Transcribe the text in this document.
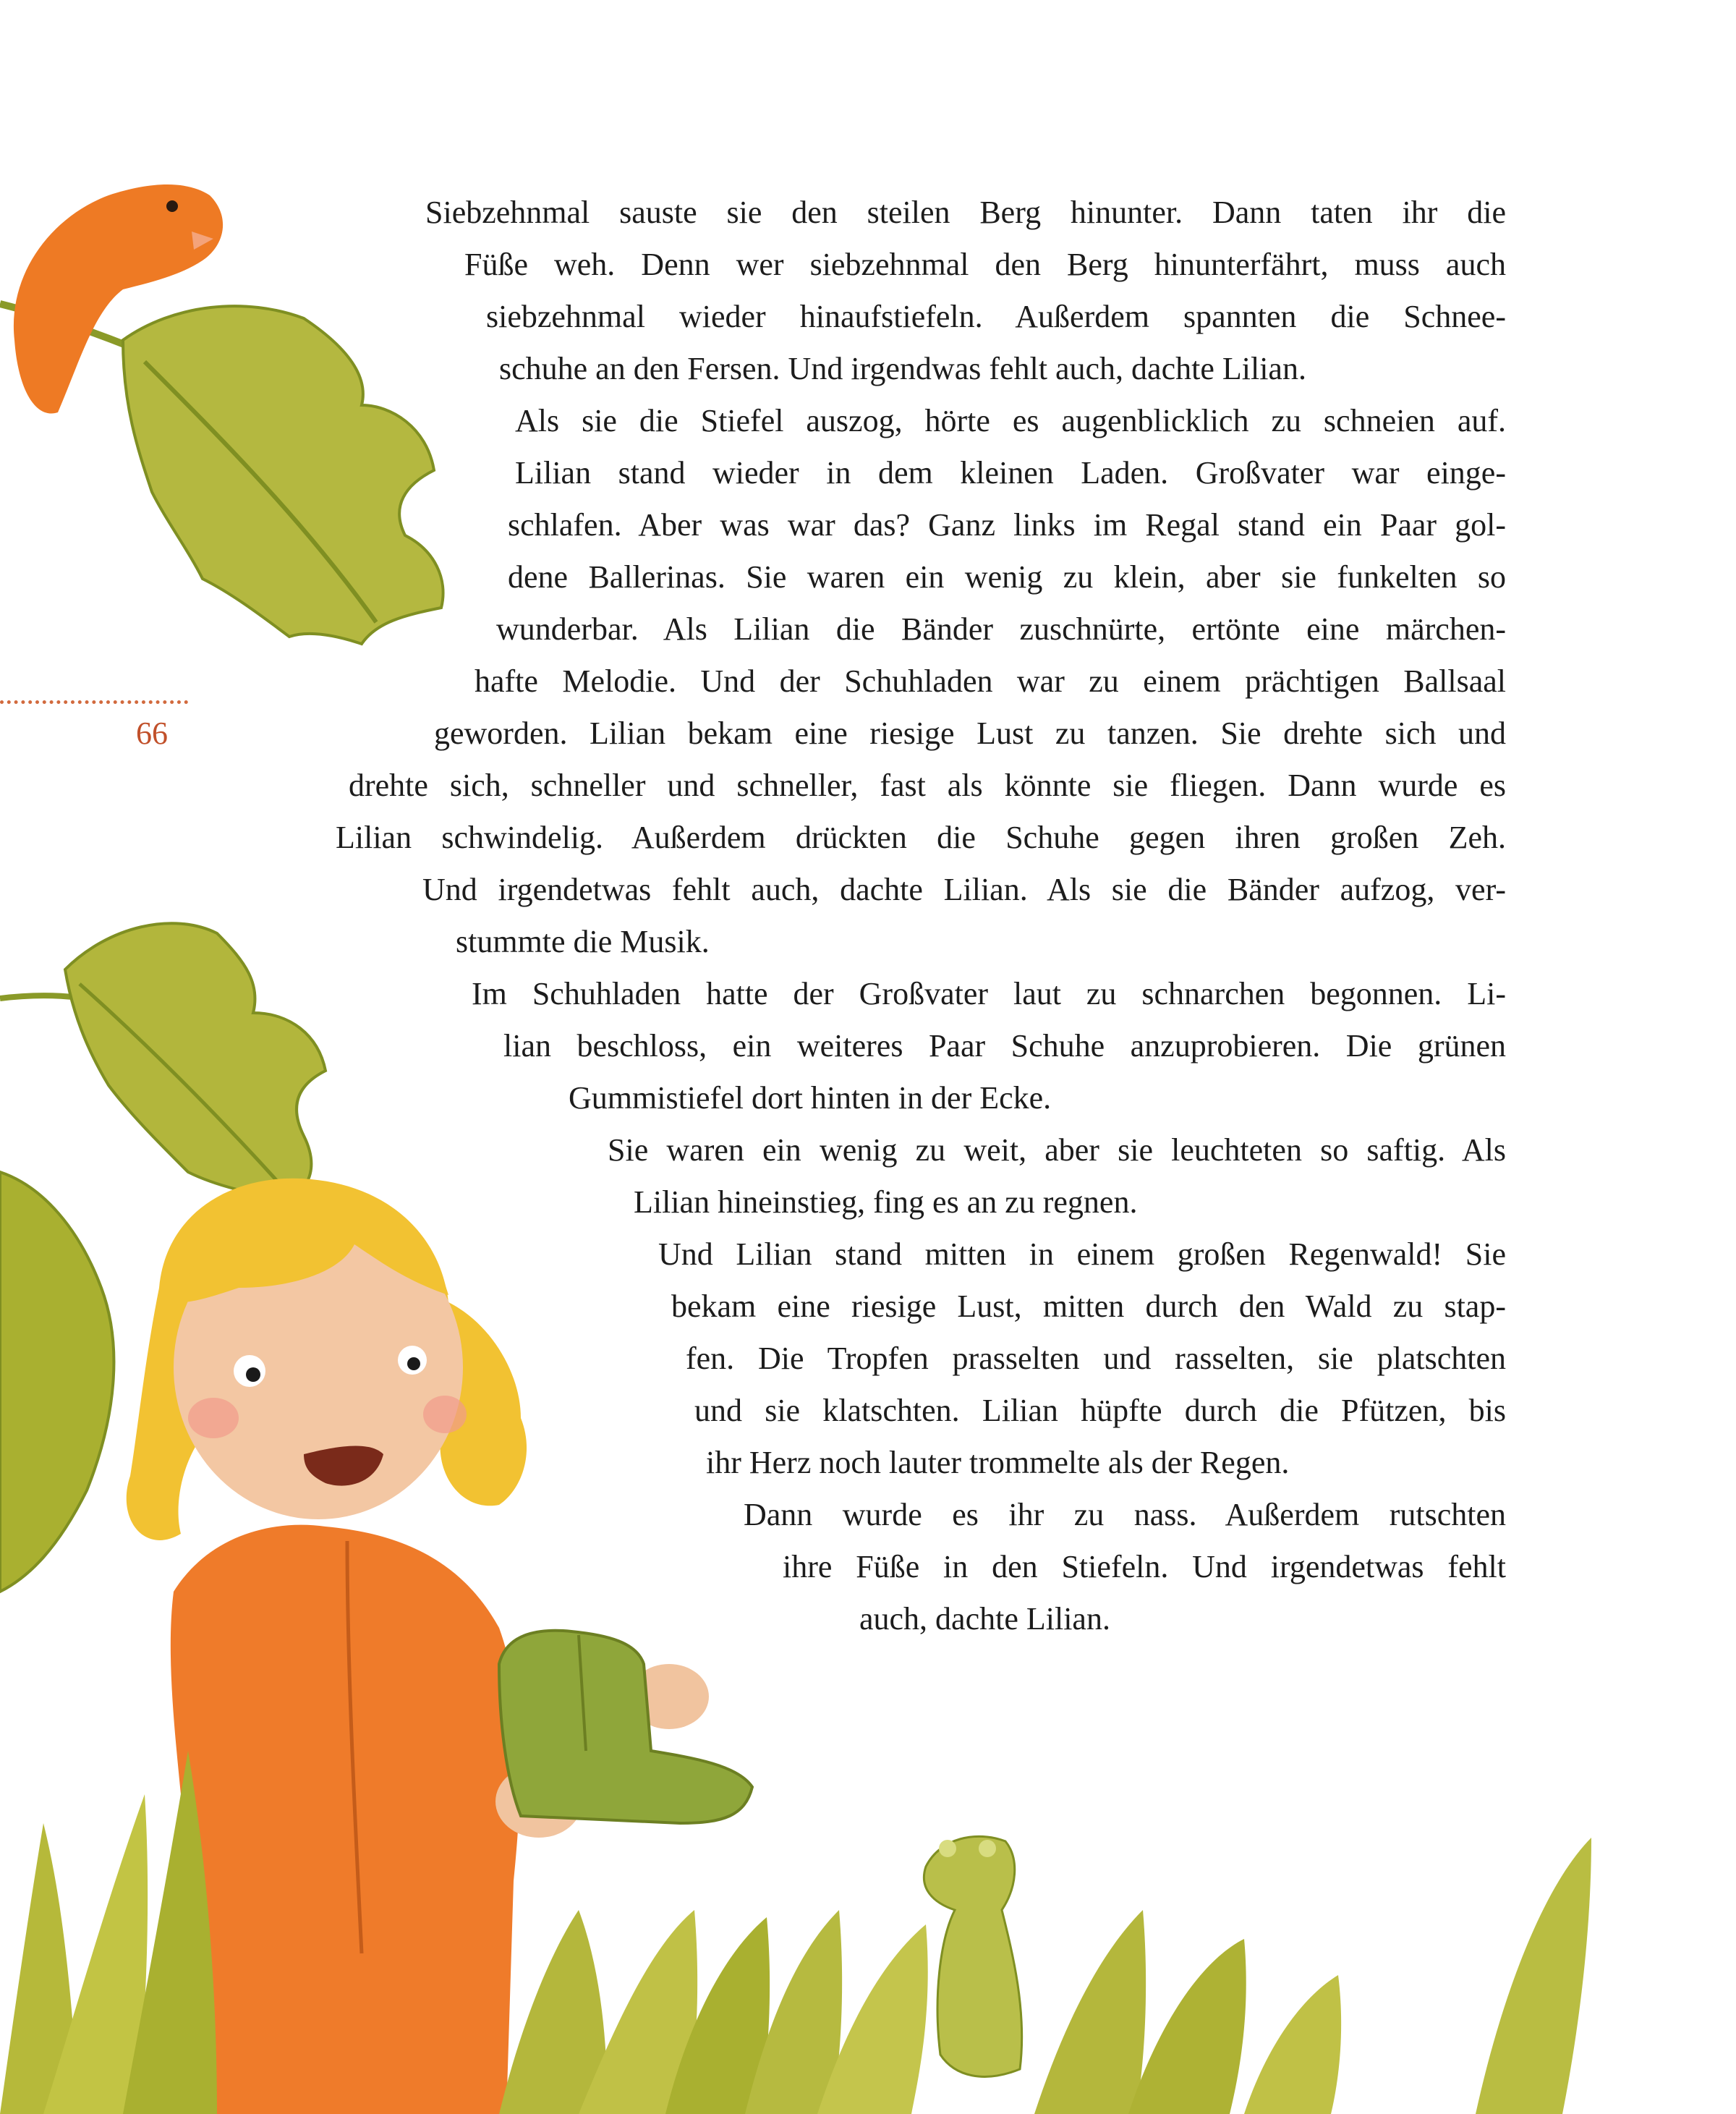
66
Siebzehnmal sauste sie den steilen Berg hinunter. Dann taten ihr die
Füße weh. Denn wer siebzehnmal den Berg hinunterfährt, muss auch
siebzehnmal wieder hinaufstiefeln. Außerdem spannten die Schnee-
schuhe an den Fersen. Und irgendwas fehlt auch, dachte Lilian.
Als sie die Stiefel auszog, hörte es augenblicklich zu schneien auf.
Lilian stand wieder in dem kleinen Laden. Großvater war einge-
schlafen. Aber was war das? Ganz links im Regal stand ein Paar gol-
dene Ballerinas. Sie waren ein wenig zu klein, aber sie funkelten so
wunderbar. Als Lilian die Bänder zuschnürte, ertönte eine märchen-
hafte Melodie. Und der Schuhladen war zu einem prächtigen Ballsaal
geworden. Lilian bekam eine riesige Lust zu tanzen. Sie drehte sich und
drehte sich, schneller und schneller, fast als könnte sie fliegen. Dann wurde es
Lilian schwindelig. Außerdem drückten die Schuhe gegen ihren großen Zeh.
Und irgendetwas fehlt auch, dachte Lilian. Als sie die Bänder aufzog, ver-
stummte die Musik.
Im Schuhladen hatte der Großvater laut zu schnarchen begonnen. Li-
lian beschloss, ein weiteres Paar Schuhe anzuprobieren. Die grünen
Gummistiefel dort hinten in der Ecke.
Sie waren ein wenig zu weit, aber sie leuchteten so saftig. Als
Lilian hineinstieg, fing es an zu regnen.
Und Lilian stand mitten in einem großen Regenwald! Sie
bekam eine riesige Lust, mitten durch den Wald zu stap-
fen. Die Tropfen prasselten und rasselten, sie platschten
und sie klatschten. Lilian hüpfte durch die Pfützen, bis
ihr Herz noch lauter trommelte als der Regen.
Dann wurde es ihr zu nass. Außerdem rutschten
ihre Füße in den Stiefeln. Und irgendetwas fehlt
auch, dachte Lilian.
